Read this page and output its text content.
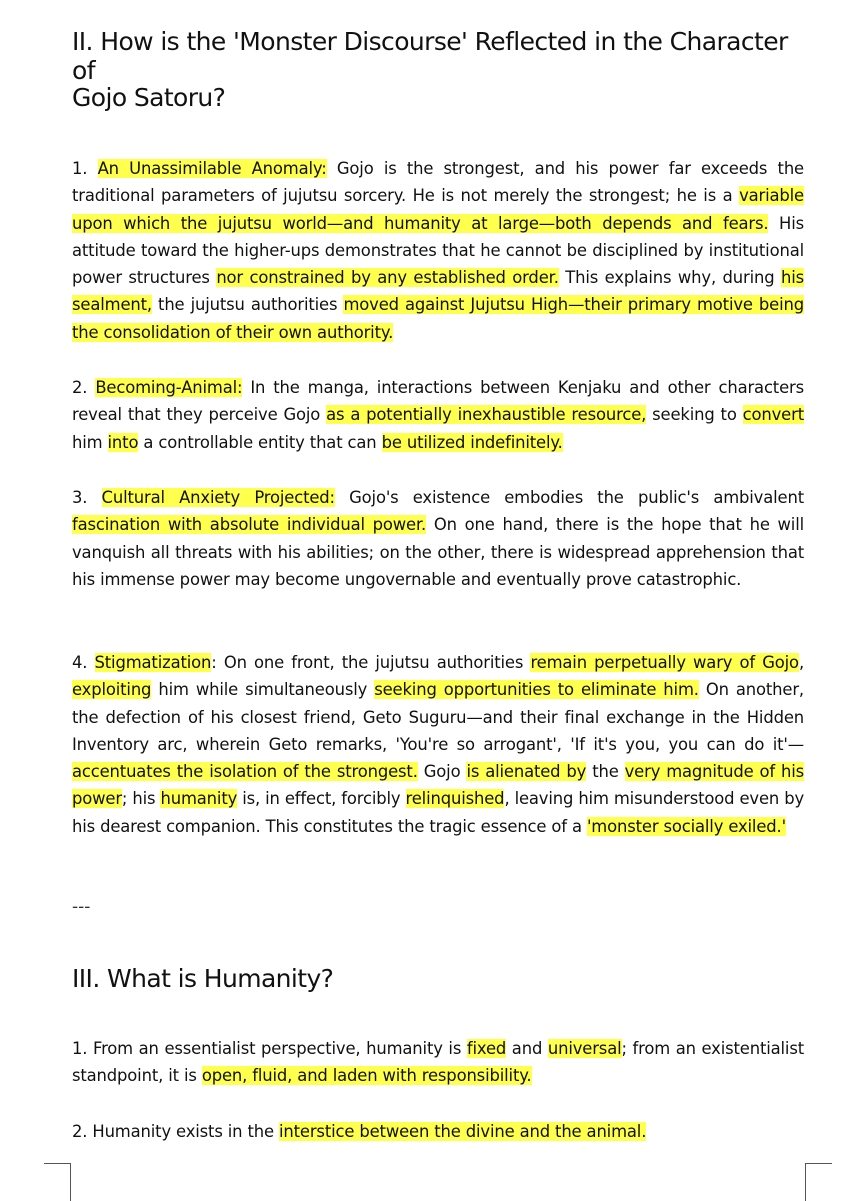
II. How is the 'Monster Discourse' Reflected in the Character of
Gojo Satoru?

1. An Unassimilable Anomaly: Gojo is the strongest, and his power far exceeds the traditional parameters of jujutsu sorcery. He is not merely the strongest; he is a variable upon which the jujutsu world—and humanity at large—both depends and fears. His attitude toward the higher-ups demonstrates that he cannot be disciplined by institutional power structures nor constrained by any established order. This explains why, during his sealment, the jujutsu authorities moved against Jujutsu High—their primary motive being the consolidation of their own authority.

2. Becoming-Animal: In the manga, interactions between Kenjaku and other characters reveal that they perceive Gojo as a potentially inexhaustible resource, seeking to convert him into a controllable entity that can be utilized indefinitely.

3. Cultural Anxiety Projected: Gojo's existence embodies the public's ambivalent fascination with absolute individual power. On one hand, there is the hope that he will vanquish all threats with his abilities; on the other, there is widespread apprehension that his immense power may become ungovernable and eventually prove catastrophic.

4. Stigmatization: On one front, the jujutsu authorities remain perpetually wary of Gojo, exploiting him while simultaneously seeking opportunities to eliminate him. On another, the defection of his closest friend, Geto Suguru—and their final exchange in the Hidden Inventory arc, wherein Geto remarks, 'You're so arrogant', 'If it's you, you can do it'—accentuates the isolation of the strongest. Gojo is alienated by the very magnitude of his power; his humanity is, in effect, forcibly relinquished, leaving him misunderstood even by his dearest companion. This constitutes the tragic essence of a 'monster socially exiled.'

---
III. What is Humanity?

1. From an essentialist perspective, humanity is fixed and universal; from an existentialist standpoint, it is open, fluid, and laden with responsibility.

2. Humanity exists in the interstice between the divine and the animal.
